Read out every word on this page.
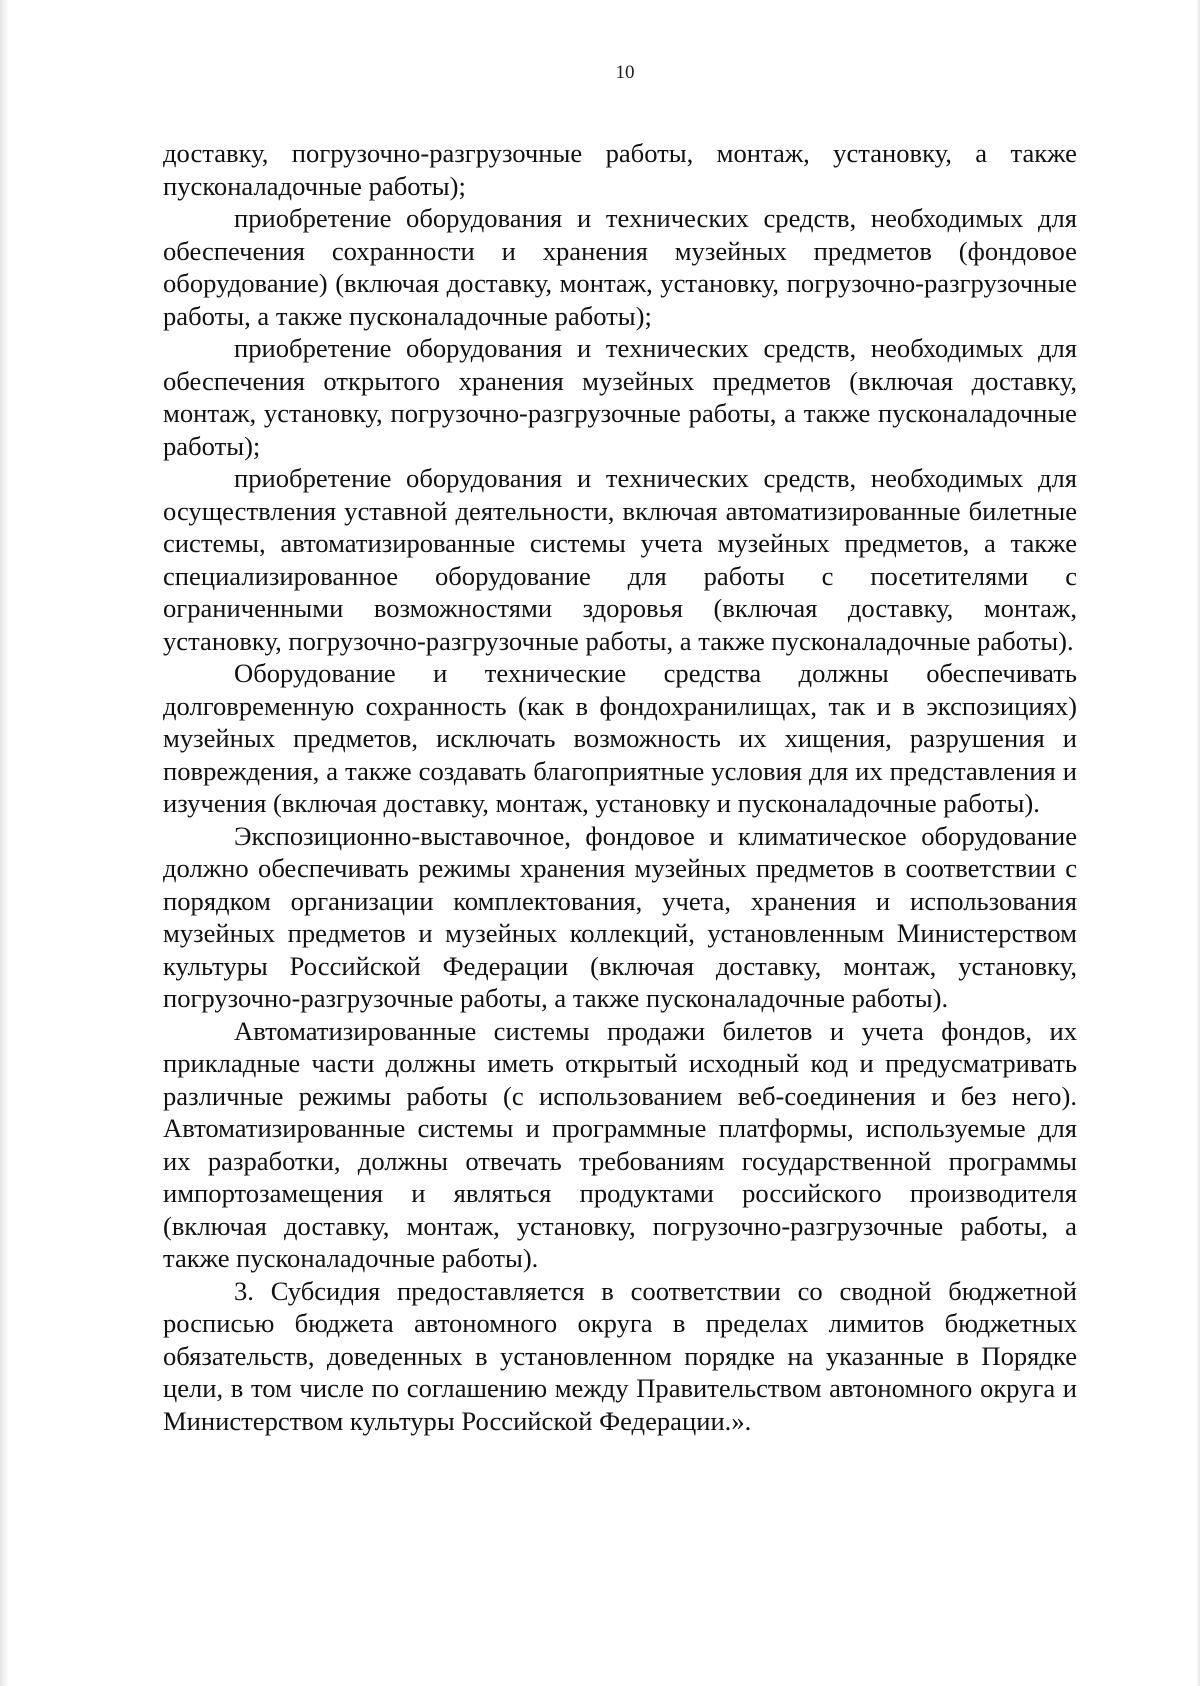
10

доставку, погрузочно-разгрузочные работы, монтаж, установку, а также пусконаладочные работы);

приобретение оборудования и технических средств, необходимых для обеспечения сохранности и хранения музейных предметов (фондовое оборудование) (включая доставку, монтаж, установку, погрузочно-разгрузочные работы, а также пусконаладочные работы);

приобретение оборудования и технических средств, необходимых для обеспечения открытого хранения музейных предметов (включая доставку, монтаж, установку, погрузочно-разгрузочные работы, а также пусконаладочные работы);

приобретение оборудования и технических средств, необходимых для осуществления уставной деятельности, включая автоматизированные билетные системы, автоматизированные системы учета музейных предметов, а также специализированное оборудование для работы с посетителями с ограниченными возможностями здоровья (включая доставку, монтаж, установку, погрузочно-разгрузочные работы, а также пусконаладочные работы).

Оборудование и технические средства должны обеспечивать долговременную сохранность (как в фондохранилищах, так и в экспозициях) музейных предметов, исключать возможность их хищения, разрушения и повреждения, а также создавать благоприятные условия для их представления и изучения (включая доставку, монтаж, установку и пусконаладочные работы).

Экспозиционно-выставочное, фондовое и климатическое оборудование должно обеспечивать режимы хранения музейных предметов в соответствии с порядком организации комплектования, учета, хранения и использования музейных предметов и музейных коллекций, установленным Министерством культуры Российской Федерации (включая доставку, монтаж, установку, погрузочно-разгрузочные работы, а также пусконаладочные работы).

Автоматизированные системы продажи билетов и учета фондов, их прикладные части должны иметь открытый исходный код и предусматривать различные режимы работы (с использованием веб-соединения и без него). Автоматизированные системы и программные платформы, используемые для их разработки, должны отвечать требованиям государственной программы импортозамещения и являться продуктами российского производителя (включая доставку, монтаж, установку, погрузочно-разгрузочные работы, а также пусконаладочные работы).

3. Субсидия предоставляется в соответствии со сводной бюджетной росписью бюджета автономного округа в пределах лимитов бюджетных обязательств, доведенных в установленном порядке на указанные в Порядке цели, в том числе по соглашению между Правительством автономного округа и Министерством культуры Российской Федерации.».
